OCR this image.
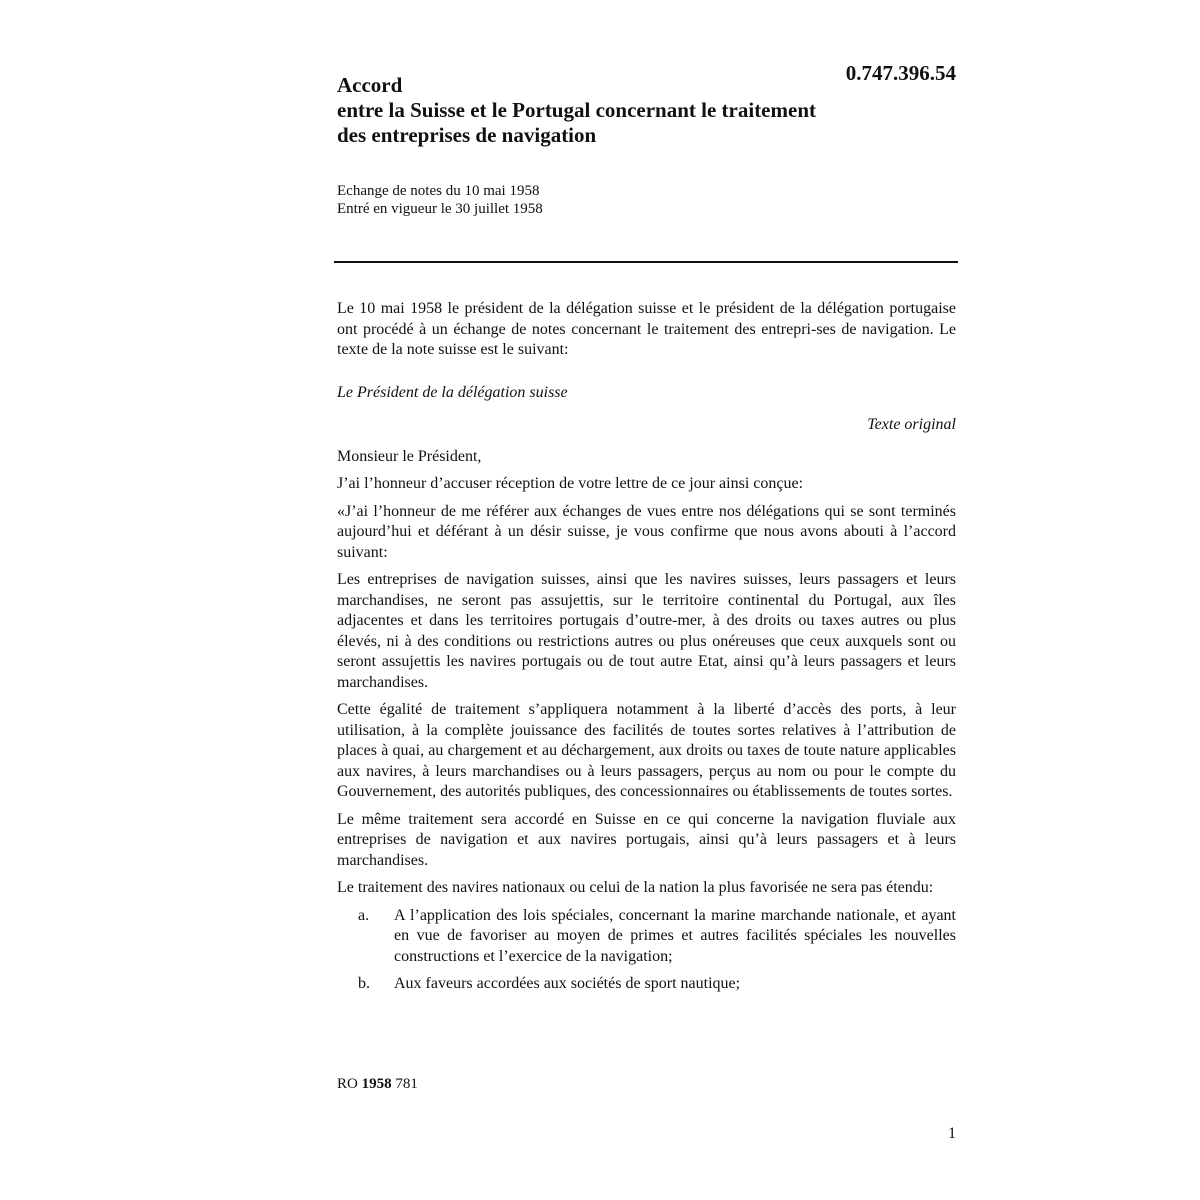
0.747.396.54
Accord
entre la Suisse et le Portugal concernant le traitement
des entreprises de navigation
Echange de notes du 10 mai 1958
Entré en vigueur le 30 juillet 1958

Le 10 mai 1958 le président de la délégation suisse et le président de la délégation portugaise ont procédé à un échange de notes concernant le traitement des entrepri-ses de navigation. Le texte de la note suisse est le suivant:

Le Président de la délégation suisse

Texte original

Monsieur le Président,

J’ai l’honneur d’accuser réception de votre lettre de ce jour ainsi conçue:

«J’ai l’honneur de me référer aux échanges de vues entre nos délégations qui se sont terminés aujourd’hui et déférant à un désir suisse, je vous confirme que nous avons abouti à l’accord suivant:

Les entreprises de navigation suisses, ainsi que les navires suisses, leurs passagers et leurs marchandises, ne seront pas assujettis, sur le territoire continental du Portugal, aux îles adjacentes et dans les territoires portugais d’outre-mer, à des droits ou taxes autres ou plus élevés, ni à des conditions ou restrictions autres ou plus onéreuses que ceux auxquels sont ou seront assujettis les navires portugais ou de tout autre Etat, ainsi qu’à leurs passagers et leurs marchandises.

Cette égalité de traitement s’appliquera notamment à la liberté d’accès des ports, à leur utilisation, à la complète jouissance des facilités de toutes sortes relatives à l’attribution de places à quai, au chargement et au déchargement, aux droits ou taxes de toute nature applicables aux navires, à leurs marchandises ou à leurs passagers, perçus au nom ou pour le compte du Gouvernement, des autorités publiques, des concessionnaires ou établissements de toutes sortes.

Le même traitement sera accordé en Suisse en ce qui concerne la navigation fluviale aux entreprises de navigation et aux navires portugais, ainsi qu’à leurs passagers et à leurs marchandises.

Le traitement des navires nationaux ou celui de la nation la plus favorisée ne sera pas étendu:

a.	A l’application des lois spéciales, concernant la marine marchande nationale, et ayant en vue de favoriser au moyen de primes et autres facilités spéciales les nouvelles constructions et l’exercice de la navigation;
b.	Aux faveurs accordées aux sociétés de sport nautique;
RO 1958 781
1
